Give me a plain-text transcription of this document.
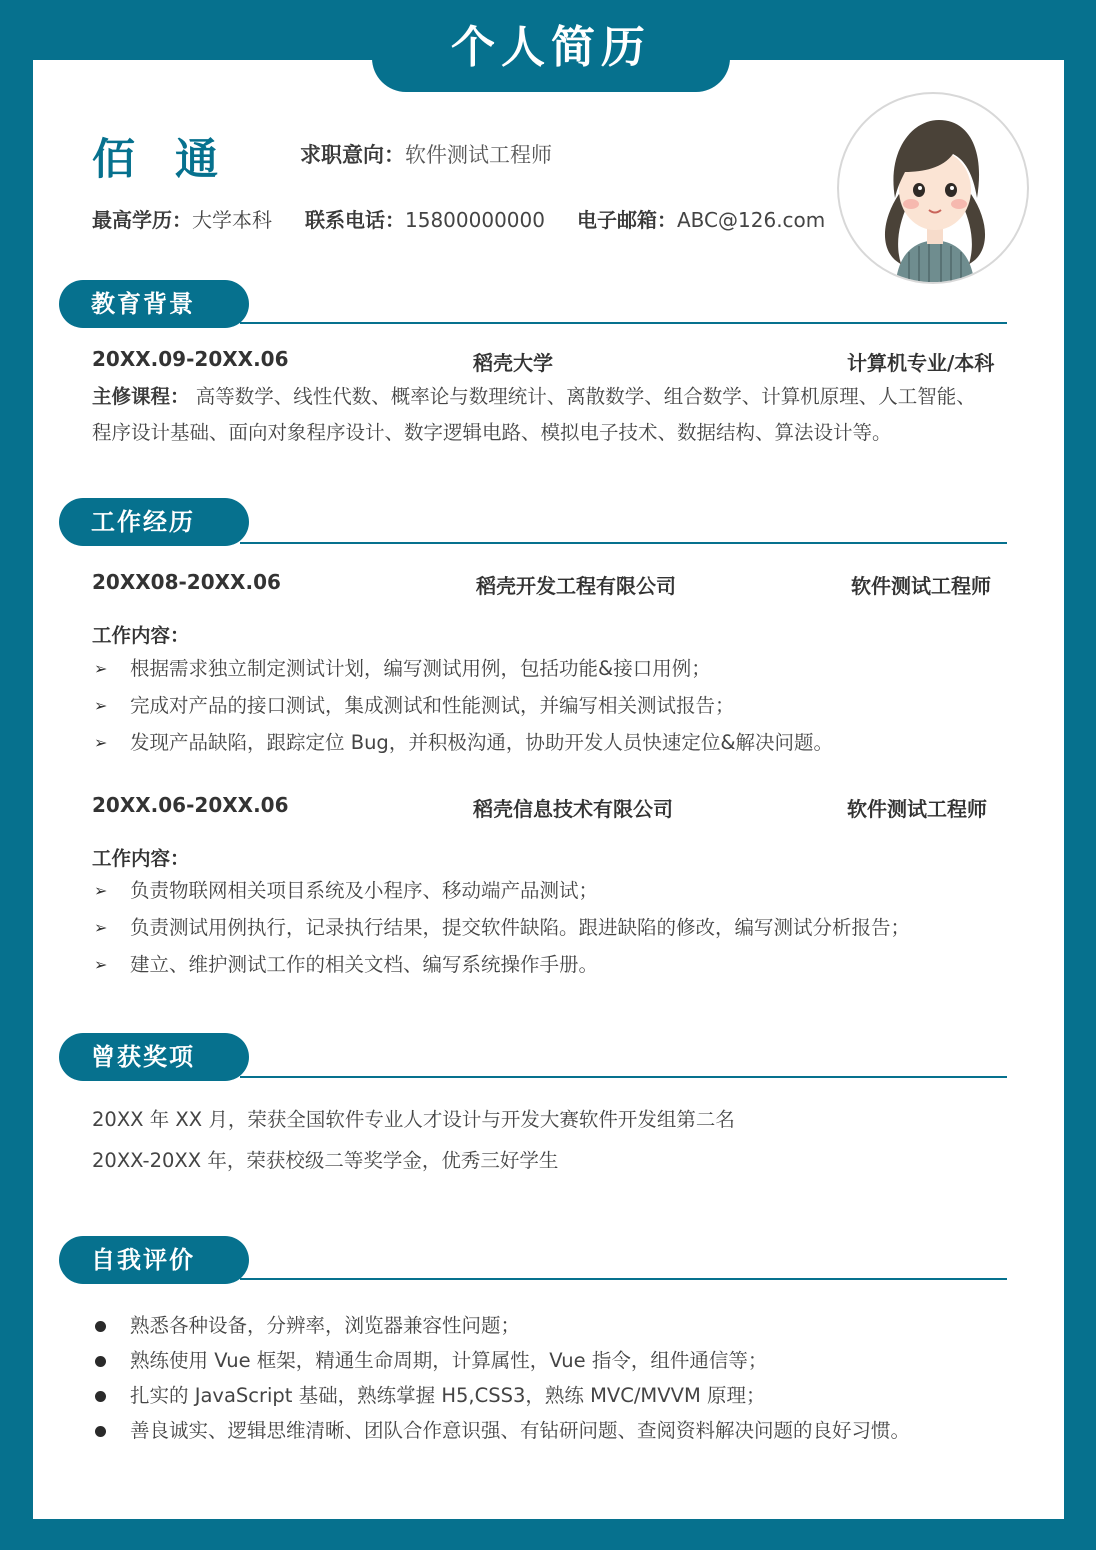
个人简历
佰通 求职意向：软件测试工程师
最高学历：大学本科 联系电话：15800000000 电子邮箱：ABC@126.com
教育背景
20XX.09-20XX.06	稻壳大学	计算机专业/本科
主修课程： 高等数学、线性代数、概率论与数理统计、离散数学、组合数学、计算机原理、人工智能、
程序设计基础、面向对象程序设计、数字逻辑电路、模拟电子技术、数据结构、算法设计等。
工作经历
20XX08-20XX.06	稻壳开发工程有限公司	软件测试工程师
工作内容：
➢ 根据需求独立制定测试计划，编写测试用例，包括功能&接口用例；
➢ 完成对产品的接口测试，集成测试和性能测试，并编写相关测试报告；
➢ 发现产品缺陷，跟踪定位 Bug，并积极沟通，协助开发人员快速定位&解决问题。
20XX.06-20XX.06	稻壳信息技术有限公司	软件测试工程师
工作内容：
➢ 负责物联网相关项目系统及小程序、移动端产品测试；
➢ 负责测试用例执行，记录执行结果，提交软件缺陷。跟进缺陷的修改，编写测试分析报告；
➢ 建立、维护测试工作的相关文档、编写系统操作手册。
曾获奖项
20XX 年 XX 月，荣获全国软件专业人才设计与开发大赛软件开发组第二名
20XX-20XX 年，荣获校级二等奖学金，优秀三好学生
自我评价
熟悉各种设备，分辨率，浏览器兼容性问题；
熟练使用 Vue 框架，精通生命周期，计算属性，Vue 指令，组件通信等；
扎实的 JavaScript 基础，熟练掌握 H5,CSS3，熟练 MVC/MVVM 原理；
善良诚实、逻辑思维清晰、团队合作意识强、有钻研问题、查阅资料解决问题的良好习惯。
